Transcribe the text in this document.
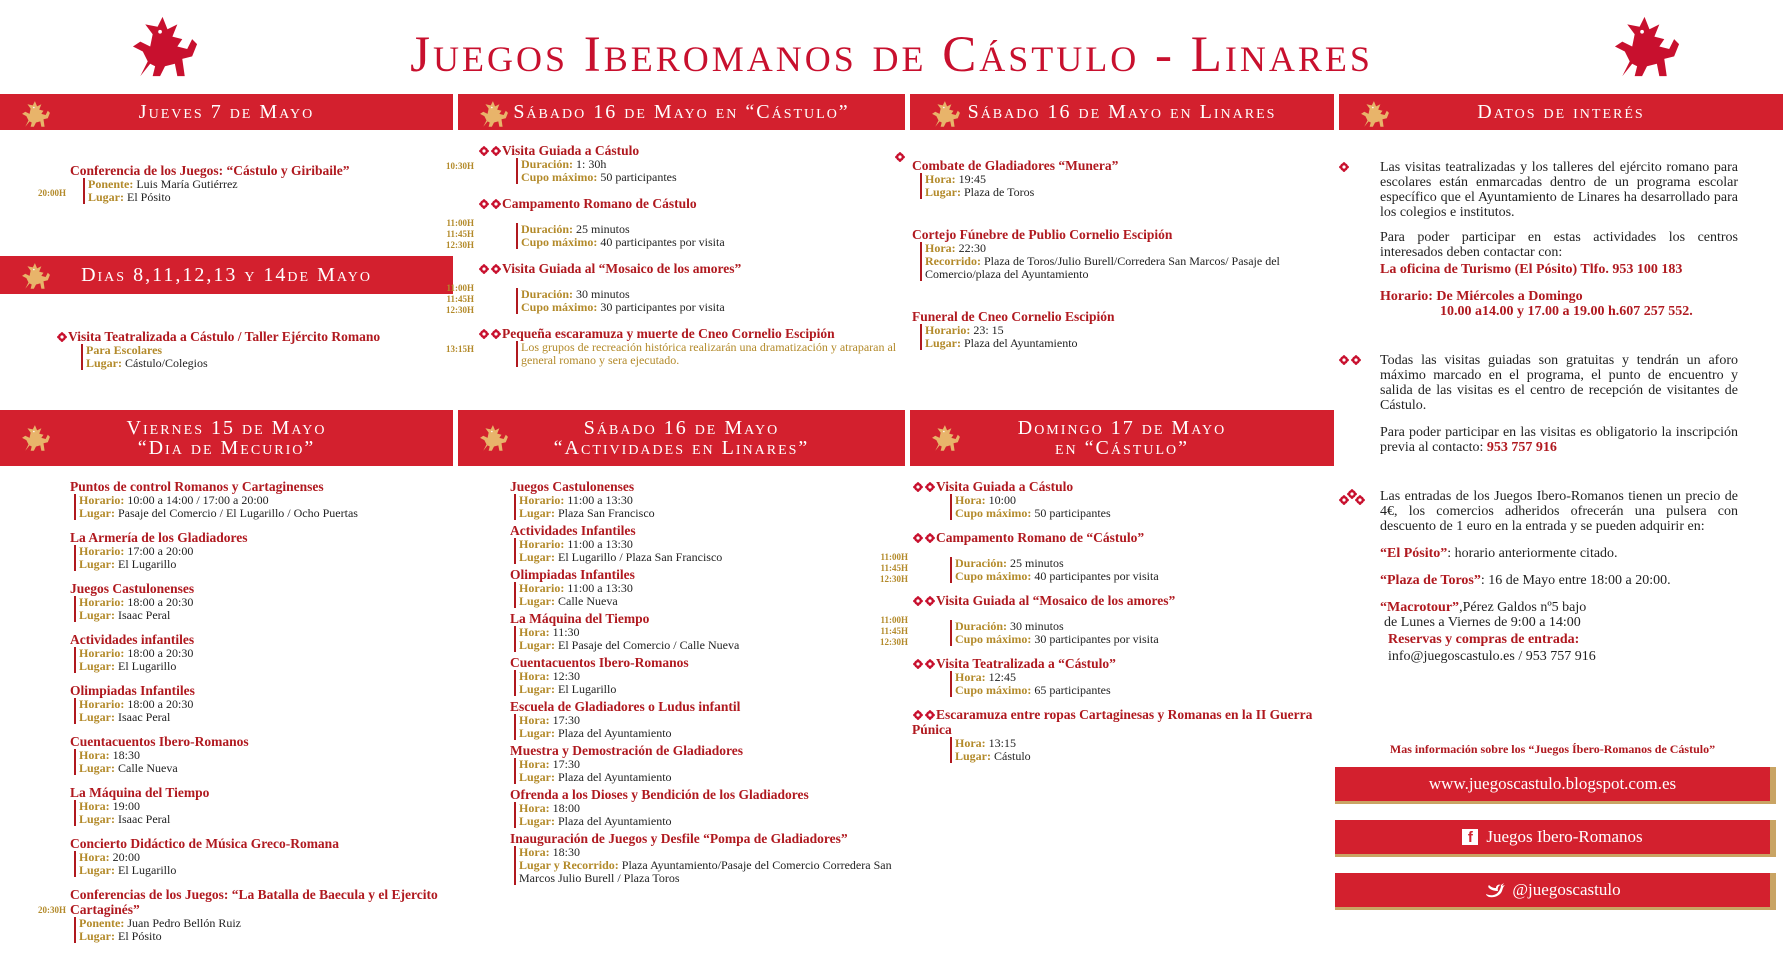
Juegos Iberomanos de Cástulo - Linares
Jueves 7 de Mayo	Sábado 16 de Mayo en “Cástulo”	Sábado 16 de Mayo en Linares	Datos de interés
Dias 8,11,12,13 y 14de Mayo
Viernes 15 de Mayo
“Dia de Mecurio”
Sábado 16 de Mayo
“Actividades en Linares”
Domingo 17 de Mayo
en “Cástulo”
Conferencia de los Juegos: “Cástulo y Giribaile”
20:00H
Ponente: Luis María Gutiérrez
Lugar: El Pósito
Visita Teatralizada a Cástulo / Taller Ejército Romano
Para Escolares
Lugar: Cástulo/Colegios
Visita Guiada a Cástulo
10:30H	Duración: 1: 30h
Cupo máximo: 50 participantes
Campamento Romano de Cástulo
11:00H
11:45H
12:30H
Duración: 25 minutos
Cupo máximo: 40 participantes por visita
Visita Guiada al “Mosaico de los amores”
11:00H
11:45H
12:30H
Duración: 30 minutos
Cupo máximo: 30 participantes por visita
Pequeña escaramuza y muerte de Cneo Cornelio Escipión
13:15H	Los grupos de recreación histórica realizarán una dramatización y atraparan al general romano y sera ejecutado.
Combate de Gladiadores “Munera”
Hora: 19:45
Lugar: Plaza de Toros
Cortejo Fúnebre de Publio Cornelio Escipión
Hora: 22:30
Recorrido: Plaza de Toros/Julio Burell/Corredera San Marcos/ Pasaje del Comercio/plaza del Ayuntamiento
Funeral de Cneo Cornelio Escipión
Horario: 23: 15
Lugar: Plaza del Ayuntamiento
Puntos de control Romanos y Cartaginenses
Horario: 10:00 a 14:00 / 17:00 a 20:00
Lugar: Pasaje del Comercio / El Lugarillo / Ocho Puertas
La Armería de los Gladiadores
Horario: 17:00 a 20:00
Lugar: El Lugarillo
Juegos Castulonenses
Horario: 18:00 a 20:30
Lugar: Isaac Peral
Actividades infantiles
Horario: 18:00 a 20:30
Lugar: El Lugarillo
Olimpiadas Infantiles
Horario: 18:00 a 20:30
Lugar: Isaac Peral
Cuentacuentos Ibero-Romanos
Hora: 18:30
Lugar: Calle Nueva
La Máquina del Tiempo
Hora: 19:00
Lugar: Isaac Peral
Concierto Didáctico de Música Greco-Romana
Hora: 20:00
Lugar: El Lugarillo
Conferencias de los Juegos: “La Batalla de Baecula y el Ejercito Cartaginés”
20:30H
Ponente: Juan Pedro Bellón Ruiz
Lugar: El Pósito
Juegos Castulonenses
Horario: 11:00 a 13:30
Lugar: Plaza San Francisco
Actividades Infantiles
Horario: 11:00 a 13:30
Lugar: El Lugarillo / Plaza San Francisco
Olimpiadas Infantiles
Horario: 11:00 a 13:30
Lugar: Calle Nueva
La Máquina del Tiempo
Hora: 11:30
Lugar: El Pasaje del Comercio / Calle Nueva
Cuentacuentos Ibero-Romanos
Hora: 12:30
Lugar: El Lugarillo
Escuela de Gladiadores o Ludus infantil
Hora: 17:30
Lugar: Plaza del Ayuntamiento
Muestra y Demostración de Gladiadores
Hora: 17:30
Lugar: Plaza del Ayuntamiento
Ofrenda a los Dioses y Bendición de los Gladiadores
Hora: 18:00
Lugar: Plaza del Ayuntamiento
Inauguración de Juegos y Desfile “Pompa de Gladiadores”
Hora: 18:30
Lugar y Recorrido: Plaza Ayuntamiento/Pasaje del Comercio Corredera San Marcos Julio Burell / Plaza Toros
Visita Guiada a Cástulo
Hora: 10:00
Cupo máximo: 50 participantes
Campamento Romano de “Cástulo”
11:00H
11:45H
12:30H
Duración: 25 minutos
Cupo máximo: 40 participantes por visita
Visita Guiada al “Mosaico de los amores”
11:00H
11:45H
12:30H
Duración: 30 minutos
Cupo máximo: 30 participantes por visita
Visita Teatralizada a “Cástulo”
Hora: 12:45
Cupo máximo: 65 participantes
Escaramuza entre ropas Cartaginesas y Romanas en la II Guerra Púnica
Hora: 13:15
Lugar: Cástulo
Las visitas teatralizadas y los talleres del ejército romano para escolares están enmarcadas dentro de un programa escolar específico que el Ayuntamiento de Linares ha desarrollado para los colegios e institutos.
Para poder participar en estas actividades los centros interesados deben contactar con:
La oficina de Turismo (El Pósito) Tlfo. 953 100 183
Horario: De Miércoles a Domingo
10.00 a14.00 y 17.00 a 19.00 h.607 257 552.
Todas las visitas guiadas son gratuitas y tendrán un aforo máximo marcado en el programa, el punto de encuentro y salida de las visitas es el centro de recepción de visitantes de Cástulo.
Para poder participar en las visitas es obligatorio la inscripción previa al contacto: 953 757 916
Las entradas de los Juegos Ibero-Romanos tienen un precio de 4€, los comercios adheridos ofrecerán una pulsera con descuento de 1 euro en la entrada y se pueden adquirir en:
“El Pósito”: horario anteriormente citado.
“Plaza de Toros”: 16 de Mayo entre 18:00 a 20:00.
“Macrotour”,Pérez Galdos nº5 bajo
de Lunes a Viernes de 9:00 a 14:00
Reservas y compras de entrada:
info@juegoscastulo.es / 953 757 916
Mas información sobre los “Juegos Íbero-Romanos de Cástulo”
www.juegoscastulo.blogspot.com.es
f Juegos Ibero-Romanos
@juegoscastulo
